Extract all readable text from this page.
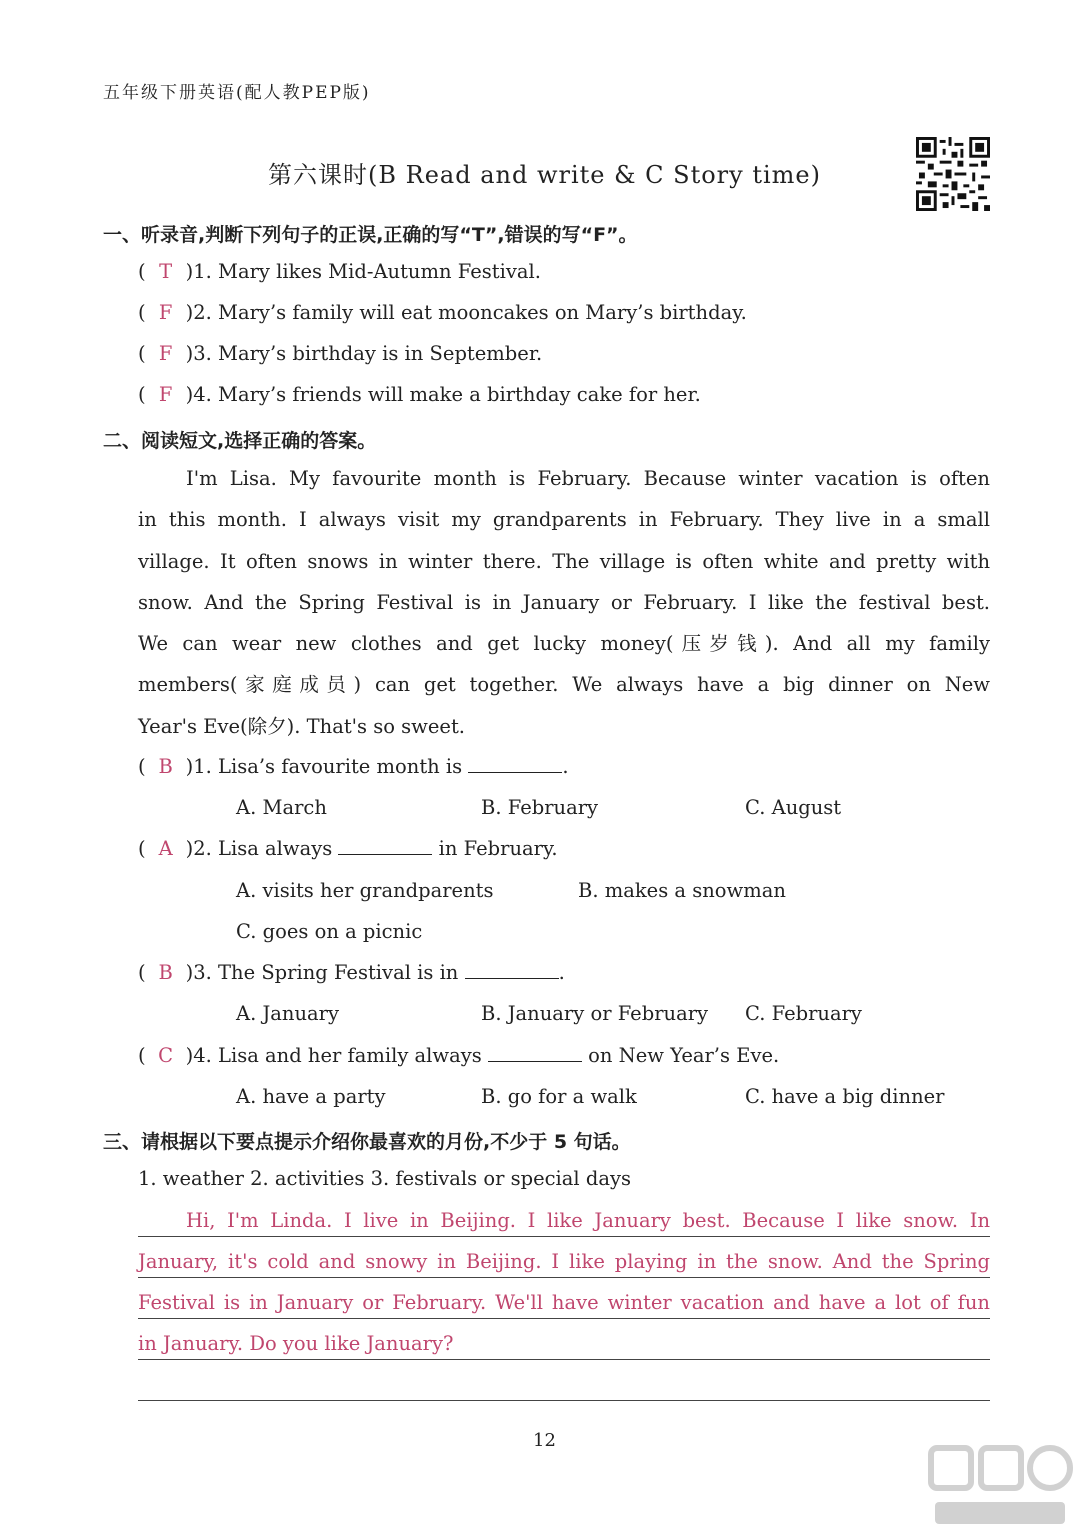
五年级下册英语(配人教PEP版)
第六课时(B Read and write & C Story time)
一、听录音,判断下列句子的正误,正确的写“T”,错误的写“F”。
( T )1. Mary likes Mid-Autumn Festival.
( F )2. Mary’s family will eat mooncakes on Mary’s birthday.
( F )3. Mary’s birthday is in September.
( F )4. Mary’s friends will make a birthday cake for her.
二、阅读短文,选择正确的答案。

I'm Lisa. My favourite month is February. Because winter vacation is often

in this month. I always visit my grandparents in February. They live in a small

village. It often snows in winter there. The village is often white and pretty with

snow. And the Spring Festival is in January or February. I like the festival best.

We can wear new clothes and get lucky money(压岁钱). And all my family

members(家庭成员) can get together. We always have a big dinner on New

Year's Eve(除夕). That's so sweet.

( B )1. Lisa’s favourite month is	.
A. March	B. February	C. August
( A )2. Lisa always	in February.
A. visits her grandparents	B. makes a snowman
C. goes on a picnic
( B )3. The Spring Festival is in	.
A. January	B. January or February C. February
( C )4. Lisa and her family always	on New Year’s Eve.
A. have a party	B. go for a walk	C. have a big dinner
三、请根据以下要点提示介绍你最喜欢的月份,不少于 5 句话。
1. weather 2. activities 3. festivals or special days
Hi, I'm Linda. I live in Beijing. I like January best. Because I like snow. In
January, it's cold and snowy in Beijing. I like playing in the snow. And the Spring
Festival is in January or February. We'll have winter vacation and have a lot of fun
in January. Do you like January?
12
